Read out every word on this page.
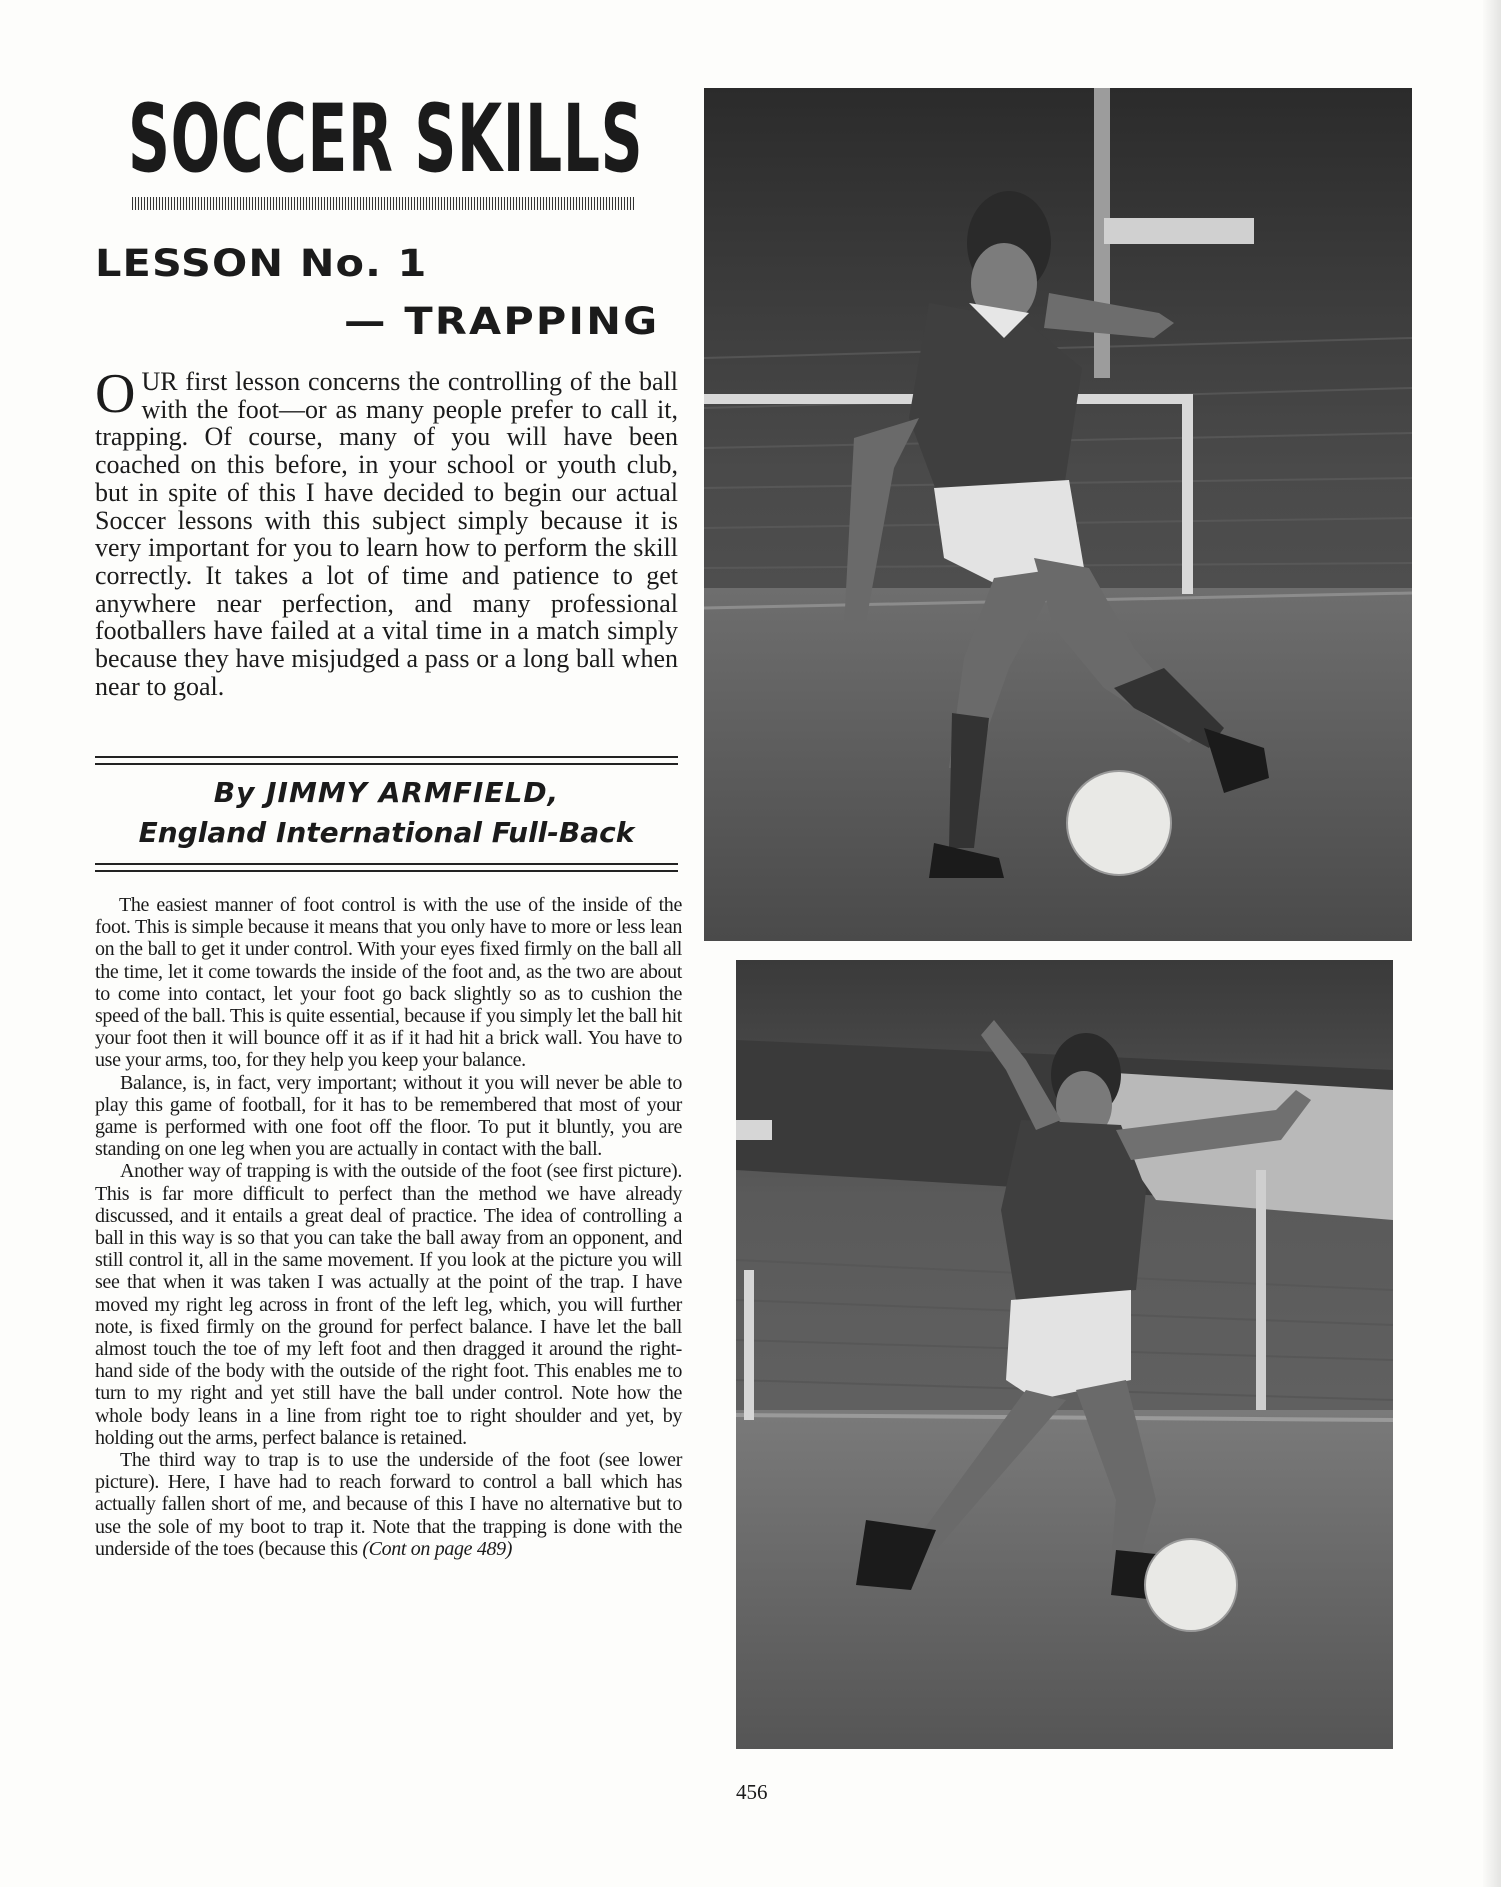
SOCCER SKILLS
LESSON No. 1
— TRAPPING

OUR first lesson concerns the controlling of the ball with the foot—or as many people prefer to call it, trapping. Of course, many of you will have been coached on this before, in your school or youth club, but in spite of this I have decided to begin our actual Soccer lessons with this subject simply because it is very important for you to learn how to perform the skill correctly. It takes a lot of time and patience to get anywhere near perfection, and many professional footballers have failed at a vital time in a match simply because they have misjudged a pass or a long ball when near to goal.

By JIMMY ARMFIELD,
England International Full-Back

The easiest manner of foot control is with the use of the inside of the foot. This is simple because it means that you only have to more or less lean on the ball to get it under control. With your eyes fixed firmly on the ball all the time, let it come towards the inside of the foot and, as the two are about to come into contact, let your foot go back slightly so as to cushion the speed of the ball. This is quite essential, because if you simply let the ball hit your foot then it will bounce off it as if it had hit a brick wall. You have to use your arms, too, for they help you keep your balance.

Balance, is, in fact, very important; without it you will never be able to play this game of football, for it has to be remembered that most of your game is performed with one foot off the floor. To put it bluntly, you are standing on one leg when you are actually in contact with the ball.

Another way of trapping is with the outside of the foot (see first picture). This is far more difficult to perfect than the method we have already discussed, and it entails a great deal of practice. The idea of controlling a ball in this way is so that you can take the ball away from an opponent, and still control it, all in the same movement. If you look at the picture you will see that when it was taken I was actually at the point of the trap. I have moved my right leg across in front of the left leg, which, you will further note, is fixed firmly on the ground for perfect balance. I have let the ball almost touch the toe of my left foot and then dragged it around the right-hand side of the body with the outside of the right foot. This enables me to turn to my right and yet still have the ball under control. Note how the whole body leans in a line from right toe to right shoulder and yet, by holding out the arms, perfect balance is retained.

The third way to trap is to use the underside of the foot (see lower picture). Here, I have had to reach forward to control a ball which has actually fallen short of me, and because of this I have no alternative but to use the sole of my boot to trap it. Note that the trapping is done with the underside of the toes (because this (Cont on page 489)

456
